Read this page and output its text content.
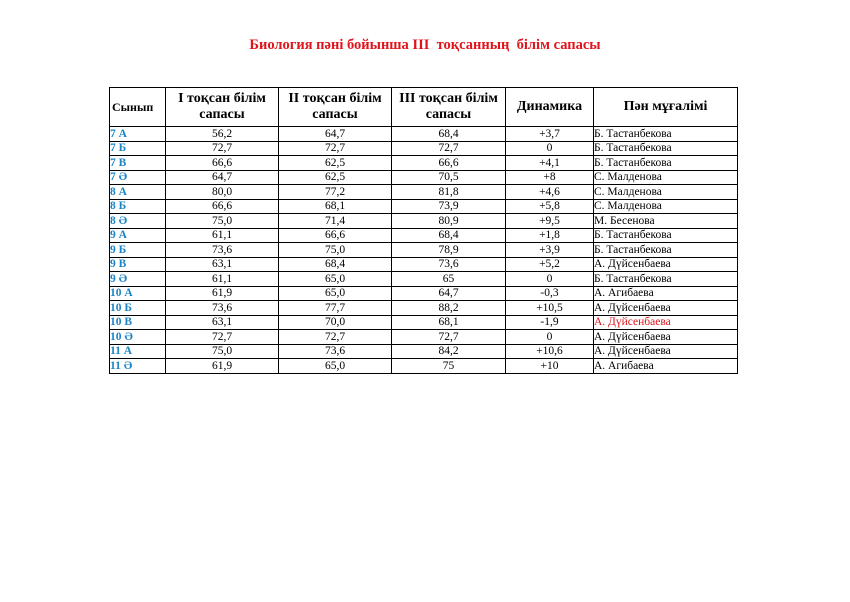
Биология пәні бойынша III  тоқсанның  білім сапасы
Сынып	I тоқсан білім сапасы	II тоқсан білім сапасы	III тоқсан білім сапасы	Динамика	Пән мұғалімі
7 А	56,2	64,7	68,4	+3,7	Б. Тастанбекова
7 Б	72,7	72,7	72,7	0	Б. Тастанбекова
7 В	66,6	62,5	66,6	+4,1	Б. Тастанбекова
7 Ә	64,7	62,5	70,5	+8	С. Малденова
8 А	80,0	77,2	81,8	+4,6	С. Малденова
8 Б	66,6	68,1	73,9	+5,8	С. Малденова
8 Ә	75,0	71,4	80,9	+9,5	М. Бесенова
9 А	61,1	66,6	68,4	+1,8	Б. Тастанбекова
9 Б	73,6	75,0	78,9	+3,9	Б. Тастанбекова
9 В	63,1	68,4	73,6	+5,2	А. Дүйсенбаева
9 Ә	61,1	65,0	65	0	Б. Тастанбекова
10 А	61,9	65,0	64,7	-0,3	А. Агибаева
10 Б	73,6	77,7	88,2	+10,5	А. Дүйсенбаева
10 В	63,1	70,0	68,1	-1,9	А. Дүйсенбаева
10 Ә	72,7	72,7	72,7	0	А. Дүйсенбаева
11 А	75,0	73,6	84,2	+10,6	А. Дүйсенбаева
11 Ә	61,9	65,0	75	+10	А. Агибаева
